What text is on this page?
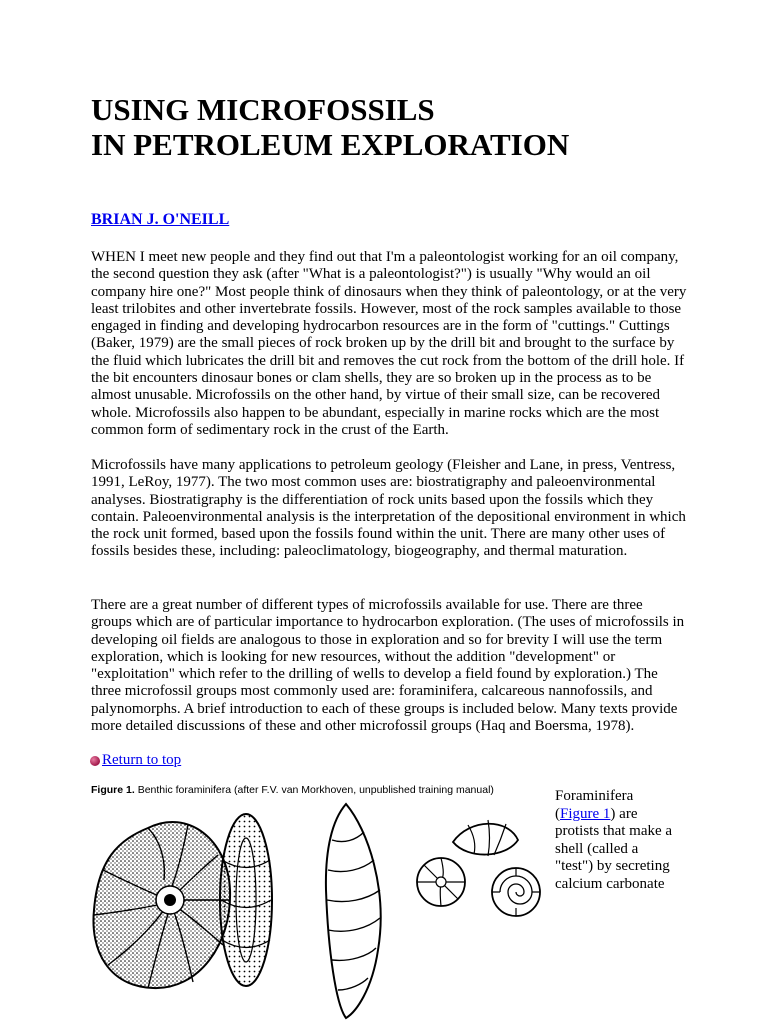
USING MICROFOSSILS
IN PETROLEUM EXPLORATION

BRIAN J. O'NEILL

WHEN I meet new people and they find out that I'm a paleontologist working for an oil company, the second question they ask (after "What is a paleontologist?") is usually "Why would an oil company hire one?" Most people think of dinosaurs when they think of paleontology, or at the very least trilobites and other invertebrate fossils. However, most of the rock samples available to those engaged in finding and developing hydrocarbon resources are in the form of "cuttings." Cuttings (Baker, 1979) are the small pieces of rock broken up by the drill bit and brought to the surface by the fluid which lubricates the drill bit and removes the cut rock from the bottom of the drill hole. If the bit encounters dinosaur bones or clam shells, they are so broken up in the process as to be almost unusable. Microfossils on the other hand, by virtue of their small size, can be recovered whole. Microfossils also happen to be abundant, especially in marine rocks which are the most common form of sedimentary rock in the crust of the Earth.

Microfossils have many applications to petroleum geology (Fleisher and Lane, in press, Ventress, 1991, LeRoy, 1977). The two most common uses are: biostratigraphy and paleoenvironmental analyses. Biostratigraphy is the differentiation of rock units based upon the fossils which they contain. Paleoenvironmental analysis is the interpretation of the depositional environment in which the rock unit formed, based upon the fossils found within the unit. There are many other uses of fossils besides these, including: paleoclimatology, biogeography, and thermal maturation.

There are a great number of different types of microfossils available for use. There are three groups which are of particular importance to hydrocarbon exploration. (The uses of microfossils in developing oil fields are analogous to those in exploration and so for brevity I will use the term exploration, which is looking for new resources, without the addition "development" or "exploitation" which refer to the drilling of wells to develop a field found by exploration.) The three microfossil groups most commonly used are: foraminifera, calcareous nannofossils, and palynomorphs. A brief introduction to each of these groups is included below. Many texts provide more detailed discussions of these and other microfossil groups (Haq and Boersma, 1978).

Return to top
Figure 1. Benthic foraminifera (after F.V. van Morkhoven, unpublished training manual)	Foraminifera (Figure 1) are protists that make a shell (called a "test") by secreting calcium carbonate
